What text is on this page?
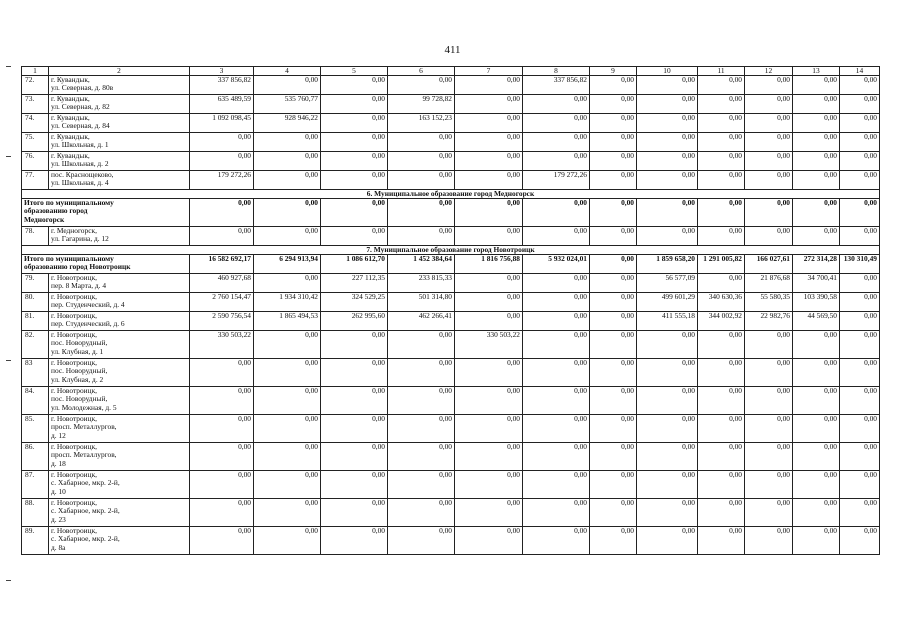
411
1	2	3	4	5	6	7	8	9	10	11	12	13	14
72.	г. Кувандык,
ул. Северная, д. 80в	337 856,82	0,00	0,00	0,00	0,00	337 856,82	0,00	0,00	0,00	0,00	0,00	0,00
73.	г. Кувандык,
ул. Северная, д. 82	635 489,59	535 760,77	0,00	99 728,82	0,00	0,00	0,00	0,00	0,00	0,00	0,00	0,00
74.	г. Кувандык,
ул. Северная, д. 84	1 092 098,45	928 946,22	0,00	163 152,23	0,00	0,00	0,00	0,00	0,00	0,00	0,00	0,00
75.	г. Кувандык,
ул. Школьная, д. 1	0,00	0,00	0,00	0,00	0,00	0,00	0,00	0,00	0,00	0,00	0,00	0,00
76.	г. Кувандык,
ул. Школьная, д. 2	0,00	0,00	0,00	0,00	0,00	0,00	0,00	0,00	0,00	0,00	0,00	0,00
77.	пос. Краснощеково,
ул. Школьная, д. 4	179 272,26	0,00	0,00	0,00	0,00	179 272,26	0,00	0,00	0,00	0,00	0,00	0,00
6. Муниципальное образование город Медногорск													

Итого по муниципальному
образованию город
Медногорск		0,00	0,00	0,00	0,00	0,00	0,00	0,00	0,00	0,00	0,00	0,00	0,00
78.	г. Медногорск,
ул. Гагарина, д. 12	0,00	0,00	0,00	0,00	0,00	0,00	0,00	0,00	0,00	0,00	0,00	0,00
7. Муниципальное образование город Новотроицк													

Итого по муниципальному
образованию город Новотроицк		16 582 692,17	6 294 913,94	1 086 612,70	1 452 384,64	1 816 756,88	5 932 024,01	0,00	1 859 658,20	1 291 005,82	166 027,61	272 314,28	130 310,49
79.	г. Новотроицк,
пер. 8 Марта, д. 4	460 927,68	0,00	227 112,35	233 815,33	0,00	0,00	0,00	56 577,09	0,00	21 876,68	34 700,41	0,00
80.	г. Новотроицк,
пер. Студенческий, д. 4	2 760 154,47	1 934 310,42	324 529,25	501 314,80	0,00	0,00	0,00	499 601,29	340 630,36	55 580,35	103 390,58	0,00
81.	г. Новотроицк,
пер. Студенческий, д. 6	2 590 756,54	1 865 494,53	262 995,60	462 266,41	0,00	0,00	0,00	411 555,18	344 002,92	22 982,76	44 569,50	0,00
82.	г. Новотроицк,
пос. Новорудный,
ул. Клубная, д. 1	330 503,22	0,00	0,00	0,00	330 503,22	0,00	0,00	0,00	0,00	0,00	0,00	0,00
83	г. Новотроицк,
пос. Новорудный,
ул. Клубная, д. 2	0,00	0,00	0,00	0,00	0,00	0,00	0,00	0,00	0,00	0,00	0,00	0,00
84.	г. Новотроицк,
пос. Новорудный,
ул. Молодежная, д. 5	0,00	0,00	0,00	0,00	0,00	0,00	0,00	0,00	0,00	0,00	0,00	0,00
85.	г. Новотроицк,
просп. Металлургов,
д. 12	0,00	0,00	0,00	0,00	0,00	0,00	0,00	0,00	0,00	0,00	0,00	0,00
86.	г. Новотроицк,
просп. Металлургов,
д. 18	0,00	0,00	0,00	0,00	0,00	0,00	0,00	0,00	0,00	0,00	0,00	0,00
87.	г. Новотроицк,
с. Хабарное, мкр. 2-й,
д. 10	0,00	0,00	0,00	0,00	0,00	0,00	0,00	0,00	0,00	0,00	0,00	0,00
88.	г. Новотроицк,
с. Хабарное, мкр. 2-й,
д. 23	0,00	0,00	0,00	0,00	0,00	0,00	0,00	0,00	0,00	0,00	0,00	0,00
89.	г. Новотроицк,
с. Хабарное, мкр. 2-й,
д. 8а	0,00	0,00	0,00	0,00	0,00	0,00	0,00	0,00	0,00	0,00	0,00	0,00
